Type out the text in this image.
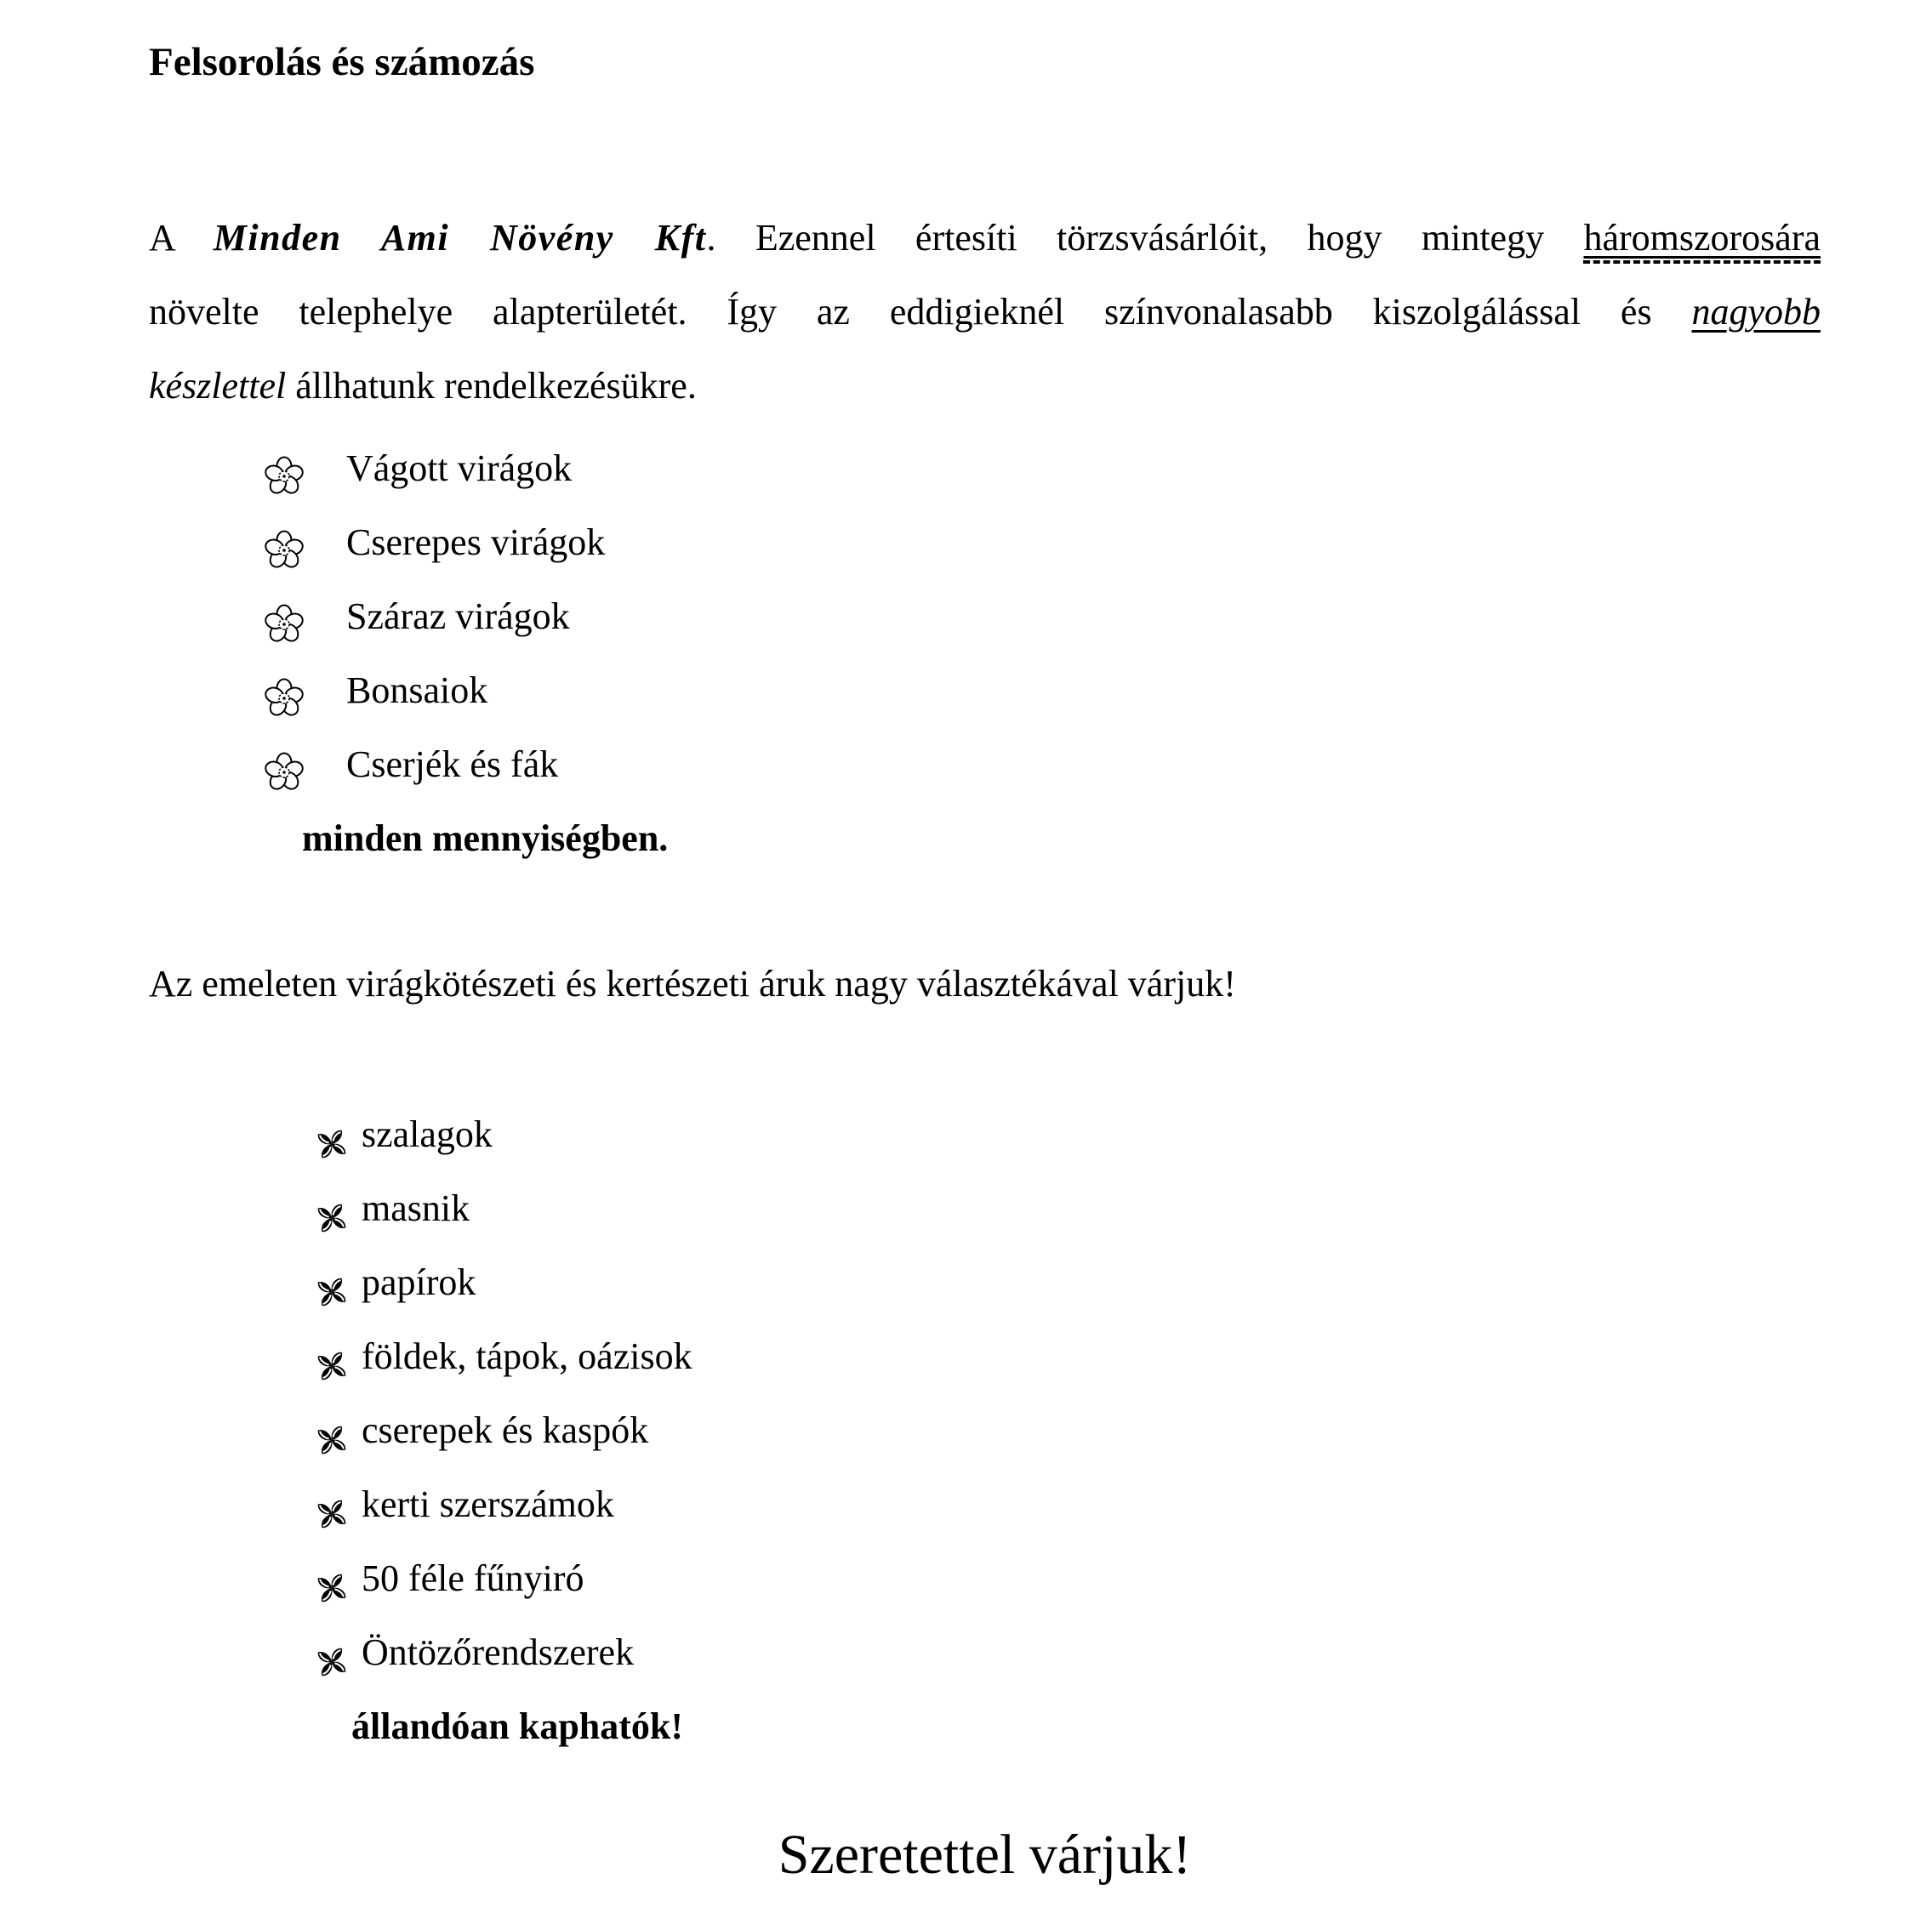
Felsorolás és számozás
A Minden Ami Növény Kft. Ezennel értesíti törzsvásárlóit, hogy mintegy háromszorosára
növelte telephelye alapterületét. Így az eddigieknél színvonalasabb kiszolgálással és nagyobb
készlettel állhatunk rendelkezésükre.
Vágott virágok
Cserepes virágok
Száraz virágok
Bonsaiok
Cserjék és fák

minden mennyiségben.

Az emeleten virágkötészeti és kertészeti áruk nagy választékával várjuk!
szalagok
masnik
papírok
földek, tápok, oázisok
cserepek és kaspók
kerti szerszámok
50 féle fűnyiró
Öntözőrendszerek

állandóan kaphatók!

Szeretettel várjuk!
